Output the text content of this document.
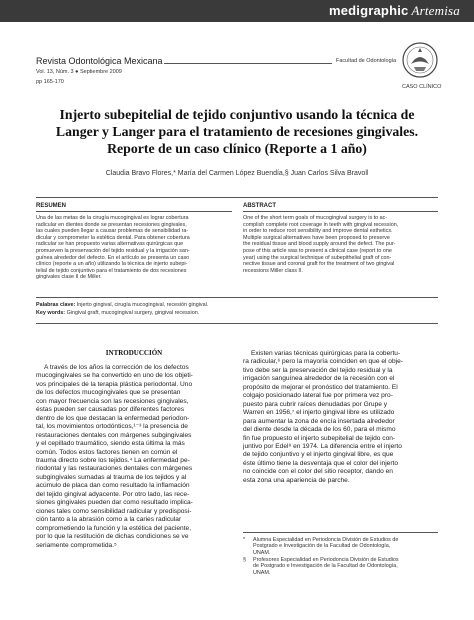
medigraphic Artemisa
Revista Odontológica Mexicana	Facultad de Odontología
Vol. 13, Núm. 3 ● Septiembre 2009
pp 165-170
CASO CLÍNICO
Injerto subepitelial de tejido conjuntivo usando la técnica de
Langer y Langer para el tratamiento de recesiones gingivales.
Reporte de un caso clínico (Reporte a 1 año)
Claudia Bravo Flores,* María del Carmen López Buendía,§ Juan Carlos Silva Bravo‖
RESUMEN	ABSTRACT
Una de las metas de la cirugía mucogingival es lograr cobertura
radicular en dientes donde se presentan recesiones gingivales,
las cuales pueden llegar a causar problemas de sensibilidad ra-
dicular y comprometer la estética dental. Para obtener cobertura
radicular se han propuesto varias alternativas quirúrgicas que
promueven la preservación del tejido residual y la irrigación san-
guínea alrededor del defecto. En el artículo se presenta un caso
clínico (reporte a un año) utilizando la técnica de injerto subepi-
telial de tejido conjuntivo para el tratamiento de dos recesiones
gingivales clase II de Miller.
One of the short term goals of mucogingival surgery is to ac-
complish complete root coverage in teeth with gingival recession,
in order to reduce root sensibility and improve dental esthetics.
Multiple surgical alternatives have been proposed to preserve
the residual tissue and blood supply around the defect. The pur-
pose of this article was to present a clinical case (report to one
year) using the surgical technique of subepithelial graft of con-
nective tissue and coronal graft for the treatment of two gingival
recessions Miller class II.
Palabras clave: Injerto gingival, cirugía mucogingival, recesión gingival.
Key words: Gingival graft, mucogingival surgery, gingival recession.
INTRODUCCIÓN
A través de los años la corrección de los defectos
mucogingivales se ha convertido en uno de los objeti-
vos principales de la terapia plástica periodontal. Uno
de los defectos mucogingivales que se presentan
con mayor frecuencia son las recesiones gingivales,
éstas pueden ser causadas por diferentes factores
dentro de los que destacan la enfermedad periodon-
tal, los movimientos ortodónticos,¹⁻³ la presencia de
restauraciones dentales con márgenes subgingivales
y el cepillado traumático, siendo esta última la más
común. Todos estos factores tienen en común el
trauma directo sobre los tejidos.⁴ La enfermedad pe-
riodontal y las restauraciones dentales con márgenes
subgingivales sumadas al trauma de los tejidos y al
acúmulo de placa dan como resultado la inflamación
del tejido gingival adyacente. Por otro lado, las rece-
siones gingivales pueden dar como resultado implica-
ciones tales como sensibilidad radicular y predisposi-
ción tanto a la abrasión como a la caries radicular
comprometiendo la función y la estética del paciente,
por lo que la restitución de dichas condiciones se ve
seriamente comprometida.⁵
Existen varias técnicas quirúrgicas para la cobertu-
ra radicular,⁶ pero la mayoría coinciden en que el obje-
tivo debe ser la preservación del tejido residual y la
irrigación sanguínea alrededor de la recesión con el
propósito de mejorar el pronóstico del tratamiento. El
colgajo posicionado lateral fue por primera vez pro-
puesto para cubrir raíces denudadas por Grupe y
Warren en 1956,⁷ el injerto gingival libre es utilizado
para aumentar la zona de encía insertada alrededor
del diente desde la década de los 60, para el mismo
fin fue propuesto el injerto subepitelial de tejido con-
juntivo por Edel⁸ en 1974. La diferencia entre el injerto
de tejido conjuntivo y el injerto gingival libre, es que
éste último tiene la desventaja que el color del injerto
no coincide con el color del sitio receptor, dando en
esta zona una apariencia de parche.
* Alumna Especialidad en Periodoncia División de Estudios de
Postgrado e Investigación de la Facultad de Odontología,
UNAM.
§ Profesores Especialidad en Periodoncia División de Estudios
de Postgrado e Investigación de la Facultad de Odontología,
UNAM.
